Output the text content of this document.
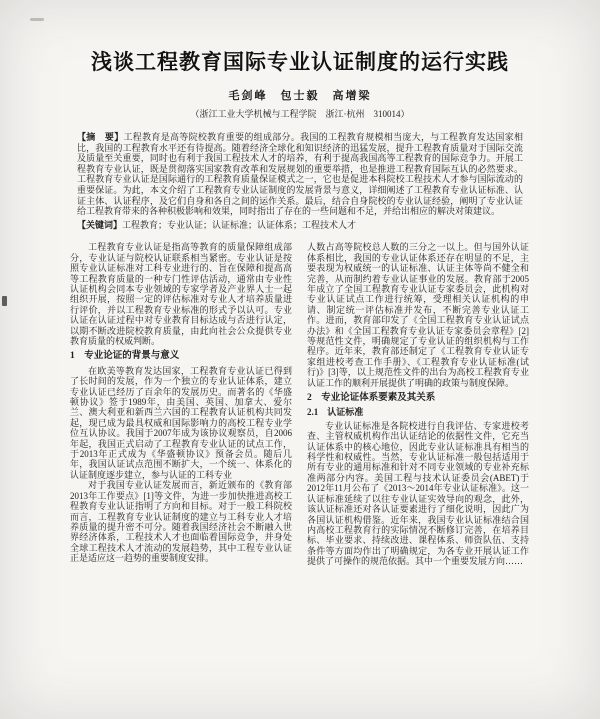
浅谈工程教育国际专业认证制度的运行实践
毛剑峰　包士毅　高增梁
（浙江工业大学机械与工程学院　浙江·杭州　310014）
【摘　要】工程教育是高等院校教育重要的组成部分。我国的工程教育规模相当庞大，与工程教育发达国家相比，我国的工程教育水平还有待提高。随着经济全球化和知识经济的迅猛发展，提升工程教育质量对于国际交流及质量至关重要，同时也有利于我国工程技术人才的培养，有利于提高我国高等工程教育的国际竞争力。开展工程教育专业认证，既是贯彻落实国家教育改革和发展规划的重要举措，也是推进工程教育国际互认的必然要求。工程教育专业认证是国际通行的工程教育质量保证模式之一，它也是促进本科院校工程技术人才参与国际流动的重要保证。为此，本文介绍了工程教育专业认证制度的发展背景与意义，详细阐述了工程教育专业认证标准、认证主体、认证程序，及它们自身和各自之间的运作关系。最后，结合自身院校的专业认证经验，阐明了专业认证给工程教育带来的各种积极影响和效果，同时指出了存在的一些问题和不足，并给出相应的解决对策建议。
【关键词】工程教育；专业认证；认证标准；认证体系；工程技术人才

工程教育专业认证是指高等教育的质量保障组成部分，专业认证与院校认证联系相当紧密。专业认证是按照专业认证标准对工科专业进行的、旨在保障和提高高等工程教育质量的一种专门性评估活动，通常由专业性认证机构会同本专业领域的专家学者及产业界人士一起组织开展，按照一定的评估标准对专业人才培养质量进行评价，并以工程教育专业标准的形式予以认可。专业认证在认证过程中对专业教育目标达成与否进行认定，以期不断改进院校教育质量，由此向社会公众提供专业教育质量的权威判断。

1　专业论证的背景与意义

在欧美等教育发达国家，工程教育专业认证已得到了长时间的发展，作为一个独立的专业认证体系，建立专业认证已经历了百余年的发展历史。而著名的《华盛顿协议》签于1989年，由美国、英国、加拿大、爱尔兰、澳大利亚和新西兰六国的工程教育认证机构共同发起，现已成为最具权威和国际影响力的高校工程专业学位互认协议。我国于2007年成为该协议观察员，自2006年起，我国正式启动了工程教育专业认证的试点工作，于2013年正式成为《华盛顿协议》预备会员。随后几年，我国认证试点范围不断扩大，一个统一、体系化的认证制度逐步建立，参与认证的工科专业

对于我国专业认证发展而言，新近颁布的《教育部2013年工作要点》[1]等文件，为进一步加快推进高校工程教育专业认证指明了方向和目标。对于一般工科院校而言，工程教育专业认证制度的建立与工科专业人才培养质量的提升密不可分。随着我国经济社会不断融入世界经济体系，工程技术人才也面临着国际竞争，并身处全球工程技术人才流动的发展趋势，其中工程专业认证正是适应这一趋势的重要制度安排。

人数占高等院校总人数的三分之一以上。但与国外认证体系相比，我国的专业认证体系还存在明显的不足，主要表现为权威统一的认证标准、认证主体等尚不健全和完善，从而制约着专业认证事业的发展。教育部于2005年成立了全国工程教育专业认证专家委员会，此机构对专业认证试点工作进行统筹，受理相关认证机构的申请、制定统一评估标准并发布，不断完善专业认证工作。进而，教育部印发了《全国工程教育专业认证试点办法》和《全国工程教育专业认证专家委员会章程》[2]等规范性文件，明确规定了专业认证的组织机构与工作程序。近年来，教育部还制定了《工程教育专业认证专家组进校考查工作手册》、《工程教育专业认证标准(试行)》[3]等，以上规范性文件的出台为高校工程教育专业认证工作的顺利开展提供了明确的政策与制度保障。

2　专业论证体系要素及其关系
2.1　认证标准

专业认证标准是各院校进行自我评估、专家进校考查、主管权威机构作出认证结论的依据性文件，它充当认证体系中的核心地位，因此专业认证标准具有相当的科学性和权威性。当然，专业认证标准一般包括适用于所有专业的通用标准和针对不同专业领域的专业补充标准两部分内容。美国工程与技术认证委员会(ABET)于2012年11月公布了《2013～2014年专业认证标准》。这一认证标准延续了以往专业认证实效导向的观念，此外，该认证标准还对各认证要素进行了细化说明，因此广为各国认证机构借鉴。近年来，我国专业认证标准结合国内高校工程教育行的实际情况不断修订完善，在培养目标、毕业要求、持续改进、课程体系、师资队伍、支持条件等方面均作出了明确规定，为各专业开展认证工作提供了可操作的规范依据。其中一个重要发展方向……
